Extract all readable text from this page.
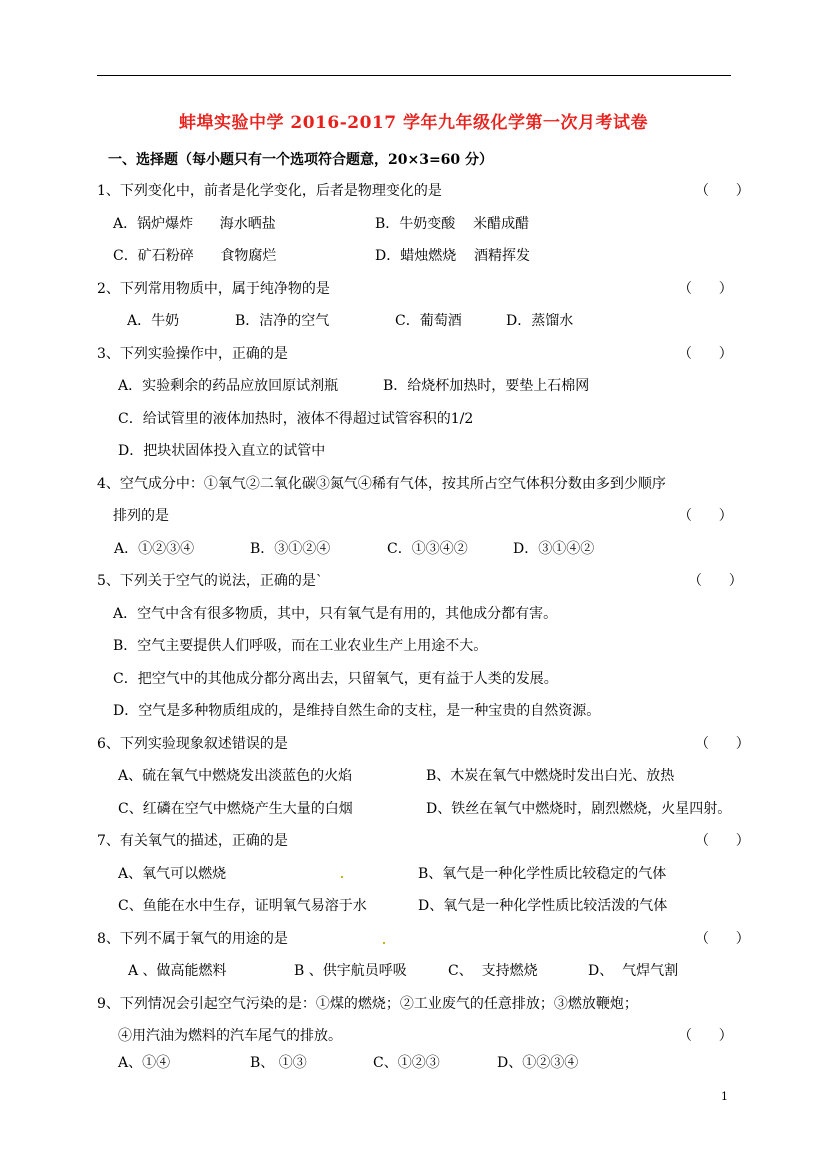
蚌埠实验中学 2016-2017 学年九年级化学第一次月考试卷
一、选择题（每小题只有一个选项符合题意，20×3=60 分）
1、下列变化中，前者是化学变化，后者是物理变化的是	（      ）
A．锅炉爆炸      海水晒盐	B．牛奶变酸    米醋成醋
C．矿石粉碎      食物腐烂	D．蜡烛燃烧    酒精挥发
2、下列常用物质中，属于纯净物的是	（      ）
A．牛奶	B．洁净的空气	C．葡萄酒	D．蒸馏水
3、下列实验操作中，正确的是	（      ）
A．实验剩余的药品应放回原试剂瓶	B．给烧杯加热时，要垫上石棉网
C．给试管里的液体加热时，液体不得超过试管容积的1/2
D．把块状固体投入直立的试管中
4、空气成分中：①氧气②二氧化碳③氮气④稀有气体，按其所占空气体积分数由多到少顺序
排列的是	（      ）
A．①②③④	B．③①②④	C．①③④②	D．③①④②
5、下列关于空气的说法，正确的是`	（      ）
A．空气中含有很多物质，其中，只有氧气是有用的，其他成分都有害。
B．空气主要提供人们呼吸，而在工业农业生产上用途不大。
C．把空气中的其他成分都分离出去，只留氧气，更有益于人类的发展。
D．空气是多种物质组成的，是维持自然生命的支柱，是一种宝贵的自然资源。
6、下列实验现象叙述错误的是	（      ）
A、硫在氧气中燃烧发出淡蓝色的火焰	B、木炭在氧气中燃烧时发出白光、放热
C、红磷在空气中燃烧产生大量的白烟	D、铁丝在氧气中燃烧时，剧烈燃烧，火星四射。
7、有关氧气的描述，正确的是	（      ）
A、氧气可以燃烧	B、氧气是一种化学性质比较稳定的气体
C、鱼能在水中生存，证明氧气易溶于水	D、氧气是一种化学性质比较活泼的气体
8、下列不属于氧气的用途的是	（      ）
A 、做高能燃料	B 、供宇航员呼吸	C、  支持燃烧	D、  气焊气割
9、下列情况会引起空气污染的是：①煤的燃烧；②工业废气的任意排放；③燃放鞭炮；
④用汽油为燃料的汽车尾气的排放。	（      ）
A、①④	B、 ①③	C、①②③	D、①②③④
1
